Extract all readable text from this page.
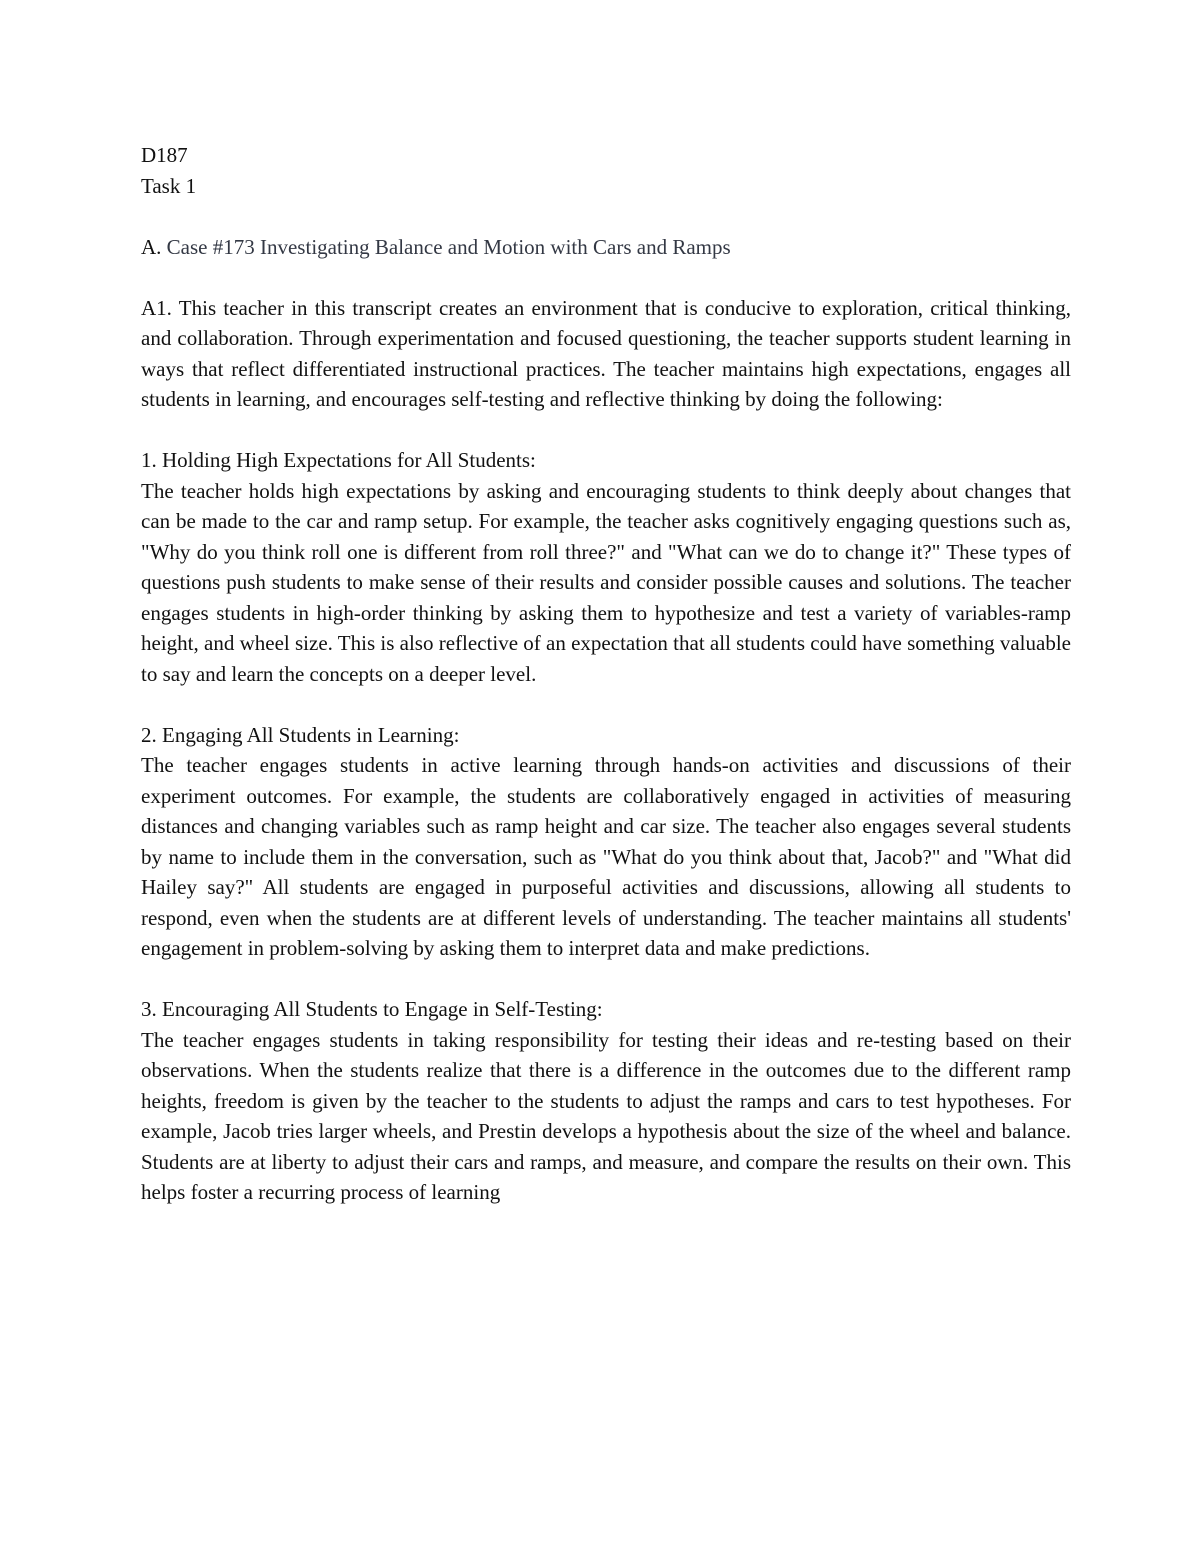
D187

Task 1

A. Case #173 Investigating Balance and Motion with Cars and Ramps

A1. This teacher in this transcript creates an environment that is conducive to exploration, critical thinking, and collaboration. Through experimentation and focused questioning, the teacher supports student learning in ways that reflect differentiated instructional practices. The teacher maintains high expectations, engages all students in learning, and encourages self-testing and reflective thinking by doing the following:

1. Holding High Expectations for All Students:

The teacher holds high expectations by asking and encouraging students to think deeply about changes that can be made to the car and ramp setup. For example, the teacher asks cognitively engaging questions such as, "Why do you think roll one is different from roll three?" and "What can we do to change it?" These types of questions push students to make sense of their results and consider possible causes and solutions. The teacher engages students in high-order thinking by asking them to hypothesize and test a variety of variables-ramp height, and wheel size. This is also reflective of an expectation that all students could have something valuable to say and learn the concepts on a deeper level.

2. Engaging All Students in Learning:

The teacher engages students in active learning through hands-on activities and discussions of their experiment outcomes. For example, the students are collaboratively engaged in activities of measuring distances and changing variables such as ramp height and car size. The teacher also engages several students by name to include them in the conversation, such as "What do you think about that, Jacob?" and "What did Hailey say?" All students are engaged in purposeful activities and discussions, allowing all students to respond, even when the students are at different levels of understanding. The teacher maintains all students' engagement in problem-solving by asking them to interpret data and make predictions.

3. Encouraging All Students to Engage in Self-Testing:

The teacher engages students in taking responsibility for testing their ideas and re-testing based on their observations. When the students realize that there is a difference in the outcomes due to the different ramp heights, freedom is given by the teacher to the students to adjust the ramps and cars to test hypotheses. For example, Jacob tries larger wheels, and Prestin develops a hypothesis about the size of the wheel and balance. Students are at liberty to adjust their cars and ramps, and measure, and compare the results on their own. This helps foster a recurring process of learning
